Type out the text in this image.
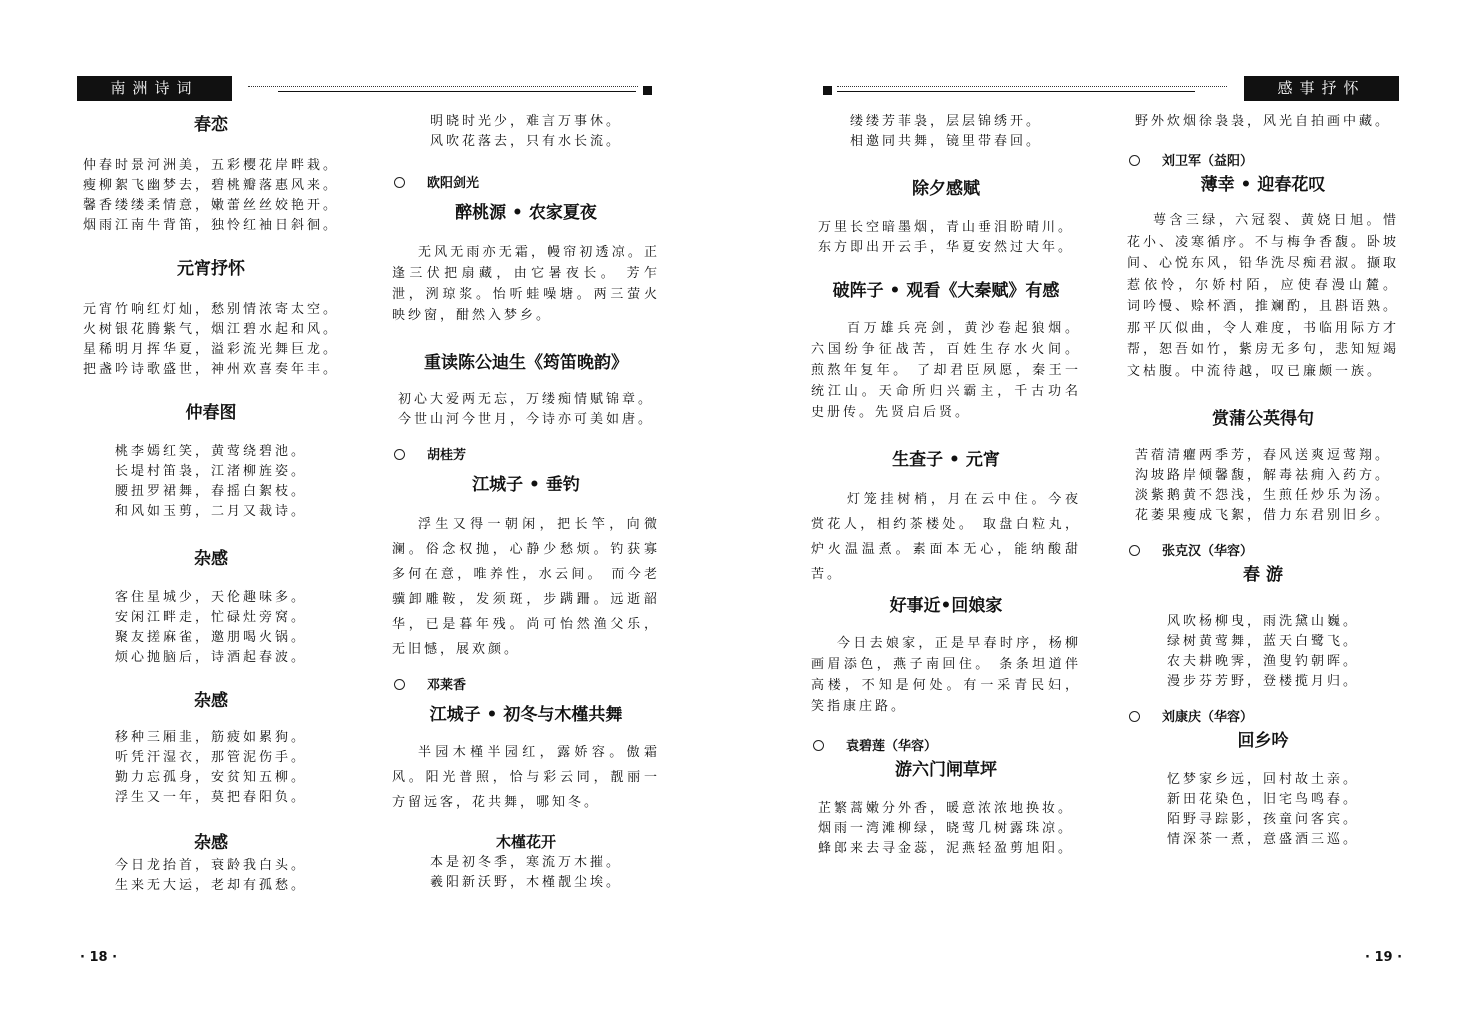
南洲诗词

春恋

仲春时景河洲美，五彩樱花岸畔栽。

瘦柳絮飞幽梦去，碧桃瓣落惠风来。

馨香缕缕柔情意，嫩蕾丝丝姣艳开。

烟雨江南牛背笛，独怜红袖日斜徊。

元宵抒怀

元宵竹响红灯灿，愁别情浓寄太空。

火树银花腾紫气，烟江碧水起和风。

星稀明月挥华夏，溢彩流光舞巨龙。

把盏吟诗歌盛世，神州欢喜奏年丰。

仲春图

桃李嫣红笑，黄莺绕碧池。

长堤村笛袅，江渚柳旌姿。

腰扭罗裙舞，春摇白絮枝。

和风如玉剪，二月又裁诗。

杂感

客住星城少，天伦趣味多。

安闲江畔走，忙碌灶旁窝。

聚友搓麻雀，邀朋喝火锅。

烦心抛脑后，诗酒起春波。

杂感

移种三厢韭，筋疲如累狗。

听凭汗湿衣，那管泥伤手。

勤力忘孤身，安贫知五柳。

浮生又一年，莫把春阳负。

杂感

今日龙抬首，衰龄我白头。

生来无大运，老却有孤愁。

明晓时光少，难言万事休。

风吹花落去，只有水长流。

欧阳剑光

醉桃源 • 农家夏夜

无风无雨亦无霜，幔帘初透凉。正逢三伏把扇藏，由它暑夜长。 芳乍泄，洌琼浆。怡听蛙噪塘。两三萤火映纱窗，酣然入梦乡。

重读陈公迪生《筠笛晚韵》

初心大爱两无忘，万缕痴情赋锦章。

今世山河今世月，今诗亦可美如唐。

胡桂芳

江城子 • 垂钓

浮生又得一朝闲，把长竿，向微澜。俗念权抛，心静少愁烦。钓获寡多何在意，唯养性，水云间。 而今老骥卸雕鞍，发须斑，步蹒跚。远逝韶华，已是暮年残。尚可怡然渔父乐，无旧憾，展欢颜。

邓莱香

江城子 • 初冬与木槿共舞

半园木槿半园红，露娇容。傲霜风。阳光普照，恰与彩云同，靓丽一方留远客，花共舞，哪知冬。

木槿花开

本是初冬季，寒流万木摧。

羲阳新沃野，木槿靓尘埃。

· 18 ·
感事抒怀

缕缕芳菲袅，层层锦绣开。

相邀同共舞，镜里带春回。

除夕感赋

万里长空暗墨烟，青山垂泪盼晴川。

东方即出开云手，华夏安然过大年。

破阵子 • 观看《大秦赋》有感

百万雄兵亮剑，黄沙卷起狼烟。六国纷争征战苦，百姓生存水火间。煎熬年复年。 了却君臣夙愿，秦王一统江山。天命所归兴霸主，千古功名史册传。先贤启后贤。

生查子 • 元宵

灯笼挂树梢，月在云中住。今夜赏花人，相约茶楼处。 取盘白粒丸，炉火温温煮。素面本无心，能纳酸甜苦。

好事近•回娘家

今日去娘家，正是早春时序，杨柳画眉添色，燕子南回住。 条条坦道伴高楼，不知是何处。有一采青民妇，笑指康庄路。

袁碧莲（华容）

游六门闸草坪

芷繁蒿嫩分外香，暖意浓浓地换妆。

烟雨一湾滩柳绿，晓莺几树露珠凉。

蜂郎来去寻金蕊，泥燕轻盈剪旭阳。

野外炊烟徐袅袅，风光自拍画中藏。

刘卫军（益阳）

薄幸 • 迎春花叹

萼含三绿，六冠裂、黄娆日旭。惜花小、凌寒循序。不与梅争香馥。卧坡间、心悦东风，铅华洗尽痴君淑。撷取惹依怜，尔娇村陌，应使春漫山麓。 词吟慢、赊杯酒，推斓酌，且斟语熟。那平仄似曲，令人难度，书临用际方才帮，恕吾如竹，紫房无多句，悲知短竭文枯腹。中流待越，叹已廉颇一族。

赏蒲公英得句

苦蓿清癯两季芳，春风送爽逗莺翔。

沟坡路岸倾馨馥，解毒祛痈入药方。

淡紫鹅黄不怨浅，生煎任炒乐为汤。

花萎果瘦成飞絮，借力东君别旧乡。

张克汉（华容）

春 游

风吹杨柳曳，雨洗黛山巍。

绿树黄莺舞，蓝天白鹭飞。

农夫耕晚霁，渔叟钓朝晖。

漫步芬芳野，登楼揽月归。

刘康庆（华容）

回乡吟

忆梦家乡远，回村故土亲。

新田花染色，旧宅鸟鸣春。

陌野寻踪影，孩童问客宾。

情深茶一煮，意盛酒三巡。

· 19 ·
